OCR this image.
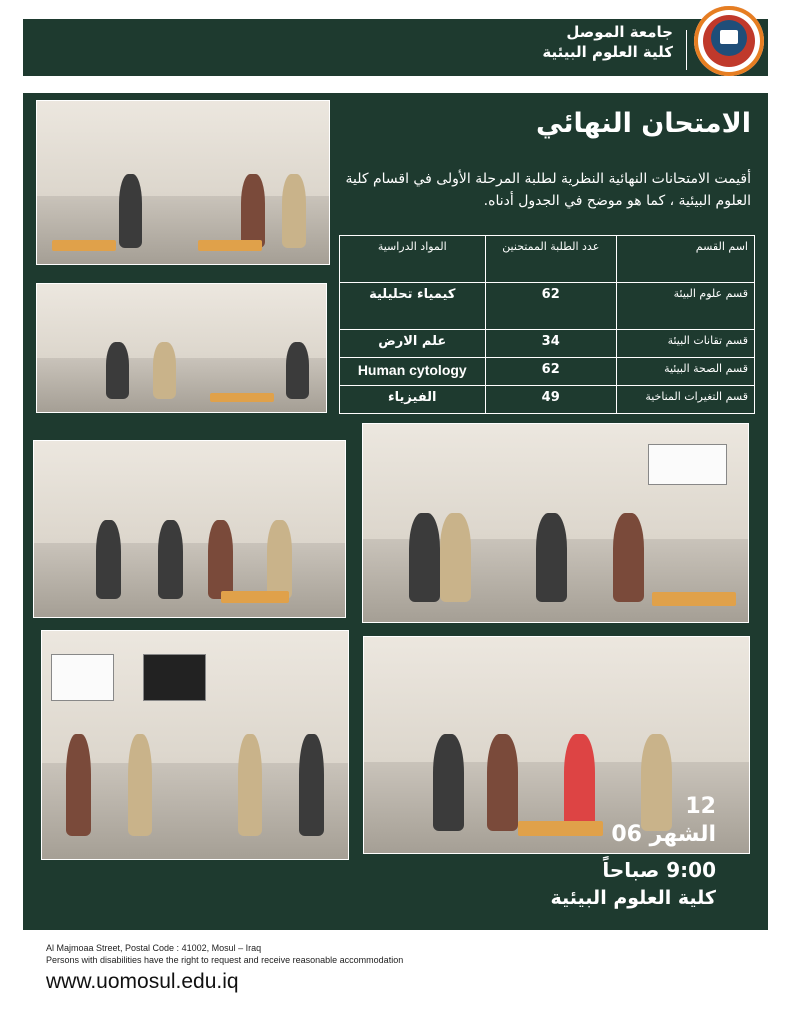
جامعة الموصل
كلية العلوم البيئية
الامتحان النهائي
أقيمت الامتحانات النهائية النظرية لطلبة المرحلة الأولى في اقسام كلية العلوم البيئية ، كما هو موضح في الجدول أدناه.
اسم القسم	عدد الطلبة الممتحنين	المواد الدراسية
قسم علوم البيئة	62	كيمياء تحليلية
قسم تقانات البيئة	34	علم الارض
قسم الصحة البيئية	62	Human cytology
قسم التغيرات المناخية	49	الفيزياء
12
الشهر 06
9:00 صباحاً
كلية العلوم البيئية
Al Majmoaa Street, Postal Code : 41002, Mosul – Iraq
Persons with disabilities have the right to request and receive reasonable accommodation
www.uomosul.edu.iq
